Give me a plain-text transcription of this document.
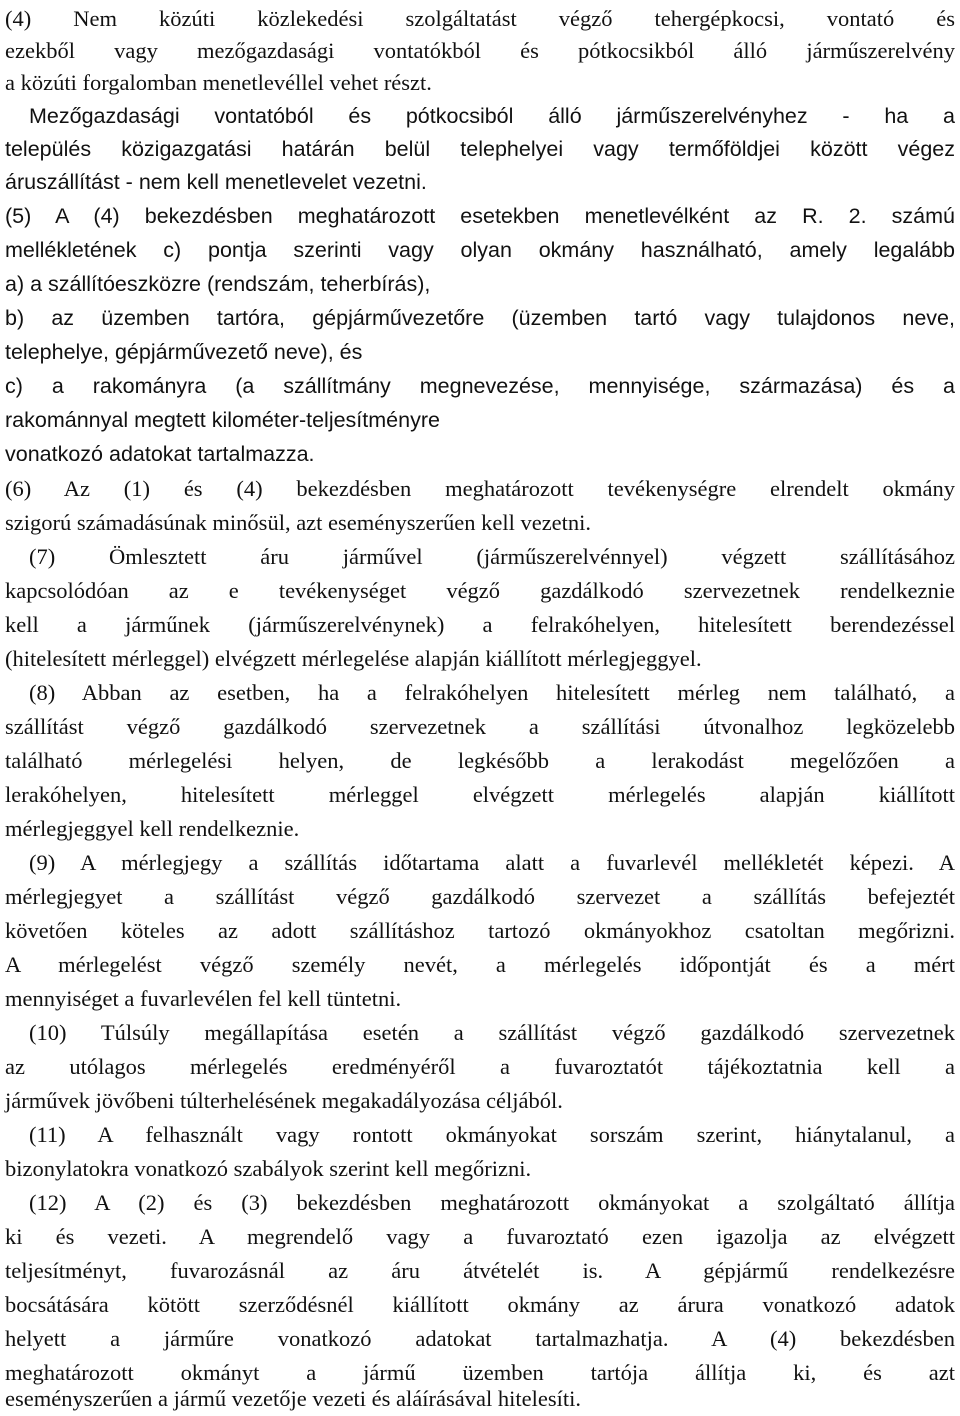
(4) Nem közúti közlekedési szolgáltatást végző tehergépkocsi, vontató és
ezekből vagy mezőgazdasági vontatókból és pótkocsikból álló járműszerelvény
a közúti forgalomban menetlevéllel vehet részt.
Mezőgazdasági vontatóból és pótkocsiból álló járműszerelvényhez - ha a
település közigazgatási határán belül telephelyei vagy termőföldjei között végez
áruszállítást - nem kell menetlevelet vezetni.
(5) A (4) bekezdésben meghatározott esetekben menetlevélként az R. 2. számú
mellékletének c) pontja szerinti vagy olyan okmány használható, amely legalább
a) a szállítóeszközre (rendszám, teherbírás),
b) az üzemben tartóra, gépjárművezetőre (üzemben tartó vagy tulajdonos neve,
telephelye, gépjárművezető neve), és
c) a rakományra (a szállítmány megnevezése, mennyisége, származása) és a
rakománnyal megtett kilométer-teljesítményre
vonatkozó adatokat tartalmazza.
(6) Az (1) és (4) bekezdésben meghatározott tevékenységre elrendelt okmány
szigorú számadásúnak minősül, azt eseményszerűen kell vezetni.
(7) Ömlesztett áru járművel (járműszerelvénnyel) végzett szállításához
kapcsolódóan az e tevékenységet végző gazdálkodó szervezetnek rendelkeznie
kell a járműnek (járműszerelvénynek) a felrakóhelyen, hitelesített berendezéssel
(hitelesített mérleggel) elvégzett mérlegelése alapján kiállított mérlegjeggyel.
(8) Abban az esetben, ha a felrakóhelyen hitelesített mérleg nem található, a
szállítást végző gazdálkodó szervezetnek a szállítási útvonalhoz legközelebb
található mérlegelési helyen, de legkésőbb a lerakodást megelőzően a
lerakóhelyen, hitelesített mérleggel elvégzett mérlegelés alapján kiállított
mérlegjeggyel kell rendelkeznie.
(9) A mérlegjegy a szállítás időtartama alatt a fuvarlevél mellékletét képezi. A
mérlegjegyet a szállítást végző gazdálkodó szervezet a szállítás befejeztét
követően köteles az adott szállításhoz tartozó okmányokhoz csatoltan megőrizni.
A mérlegelést végző személy nevét, a mérlegelés időpontját és a mért
mennyiséget a fuvarlevélen fel kell tüntetni.
(10) Túlsúly megállapítása esetén a szállítást végző gazdálkodó szervezetnek
az utólagos mérlegelés eredményéről a fuvaroztatót tájékoztatnia kell a
járművek jövőbeni túlterhelésének megakadályozása céljából.
(11) A felhasznált vagy rontott okmányokat sorszám szerint, hiánytalanul, a
bizonylatokra vonatkozó szabályok szerint kell megőrizni.
(12) A (2) és (3) bekezdésben meghatározott okmányokat a szolgáltató állítja
ki és vezeti. A megrendelő vagy a fuvaroztató ezen igazolja az elvégzett
teljesítményt, fuvarozásnál az áru átvételét is. A gépjármű rendelkezésre
bocsátására kötött szerződésnél kiállított okmány az árura vonatkozó adatok
helyett a járműre vonatkozó adatokat tartalmazhatja. A (4) bekezdésben
meghatározott okmányt a jármű üzemben tartója állítja ki, és azt
eseményszerűen a jármű vezetője vezeti és aláírásával hitelesíti.
